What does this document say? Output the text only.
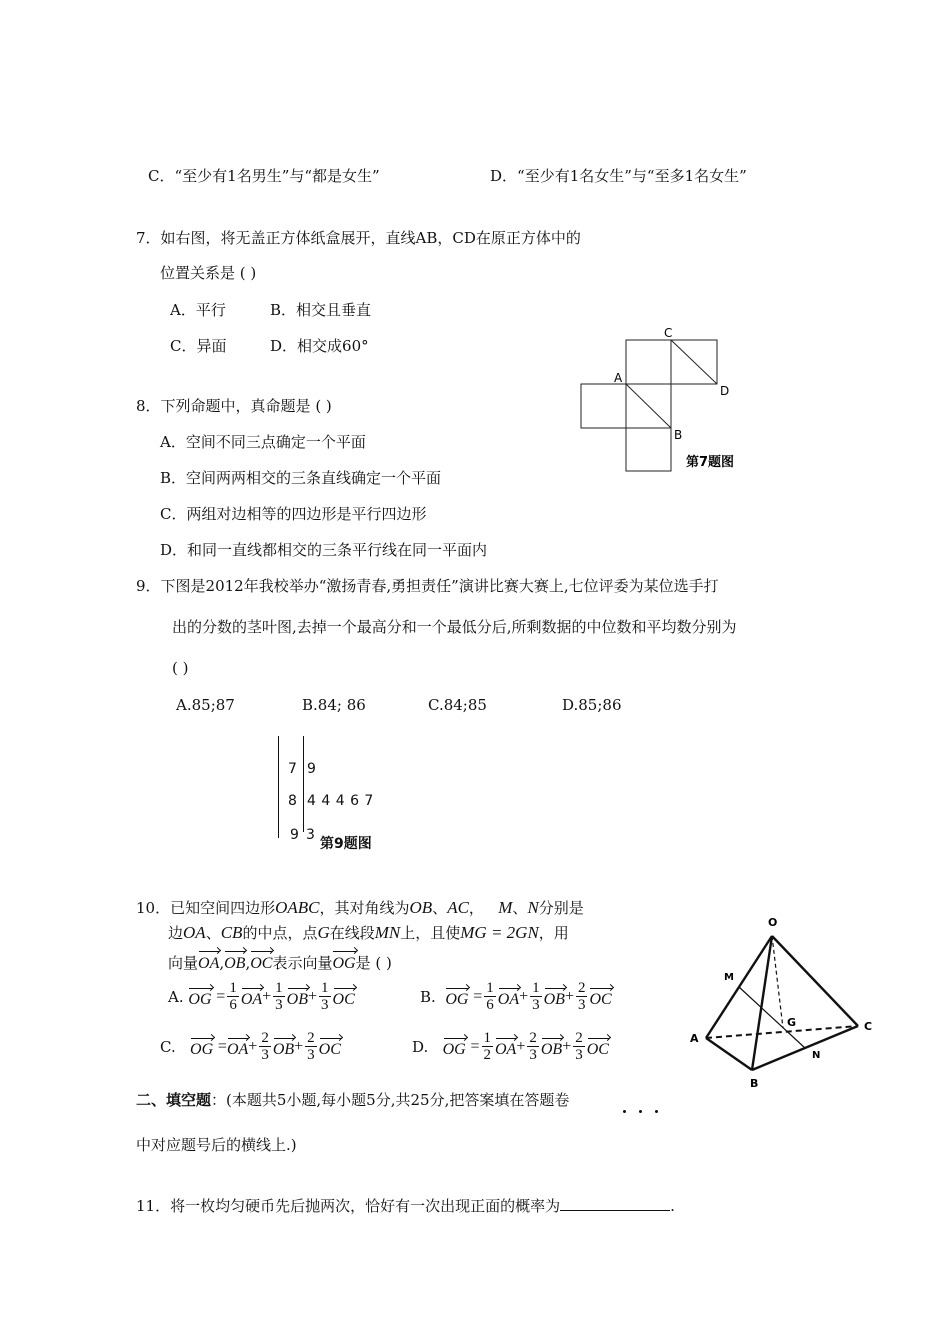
C．“至少有1名男生”与“都是女生”	D．“至少有1名女生”与“至多1名女生”
7．如右图，将无盖正方体纸盒展开，直线AB，CD在原正方体中的
位置关系是 ( )
A．平行	B．相交且垂直
C．异面	D．相交成60°
C
A
D
B
第7题图
8．下列命题中，真命题是 ( )
A．空间不同三点确定一个平面
B．空间两两相交的三条直线确定一个平面
C．两组对边相等的四边形是平行四边形
D．和同一直线都相交的三条平行线在同一平面内
9．下图是2012年我校举办“激扬青春,勇担责任”演讲比赛大赛上,七位评委为某位选手打
出的分数的茎叶图,去掉一个最高分和一个最低分后,所剩数据的中位数和平均数分别为
( )
A.85;87	B.84; 86	C.84;85	D.85;86
7 9
8 4 4 4 6 7
9 3
第9题图
10．已知空间四边形OABC，其对角线为OB、AC， M、N分别是
边OA、CB的中点，点G在线段MN上，且使MG = 2GN，用
向量OA,OB,OC表示向量OG是 ( )
A.
OG
= $\frac{1}{6}$ OA + $\frac{1}{3}$ OB + $\frac{1}{3}$ OC	B.
OG
= $\frac{1}{6}$ OA + $\frac{1}{3}$ OB + $\frac{2}{3}$ OC
C.
OG
= OA + $\frac{2}{3}$ OB + $\frac{2}{3}$ OC	D.
OG
= $\frac{1}{2}$ OA + $\frac{2}{3}$ OB + $\frac{2}{3}$ OC
O
A
B
C
M
N
G
二、填空题：(本题共5小题,每小题5分,共25分,把答案填在答题卷
中对应题号后的横线上.)
11．将一枚均匀硬币先后抛两次，恰好有一次出现正面的概率为	.
